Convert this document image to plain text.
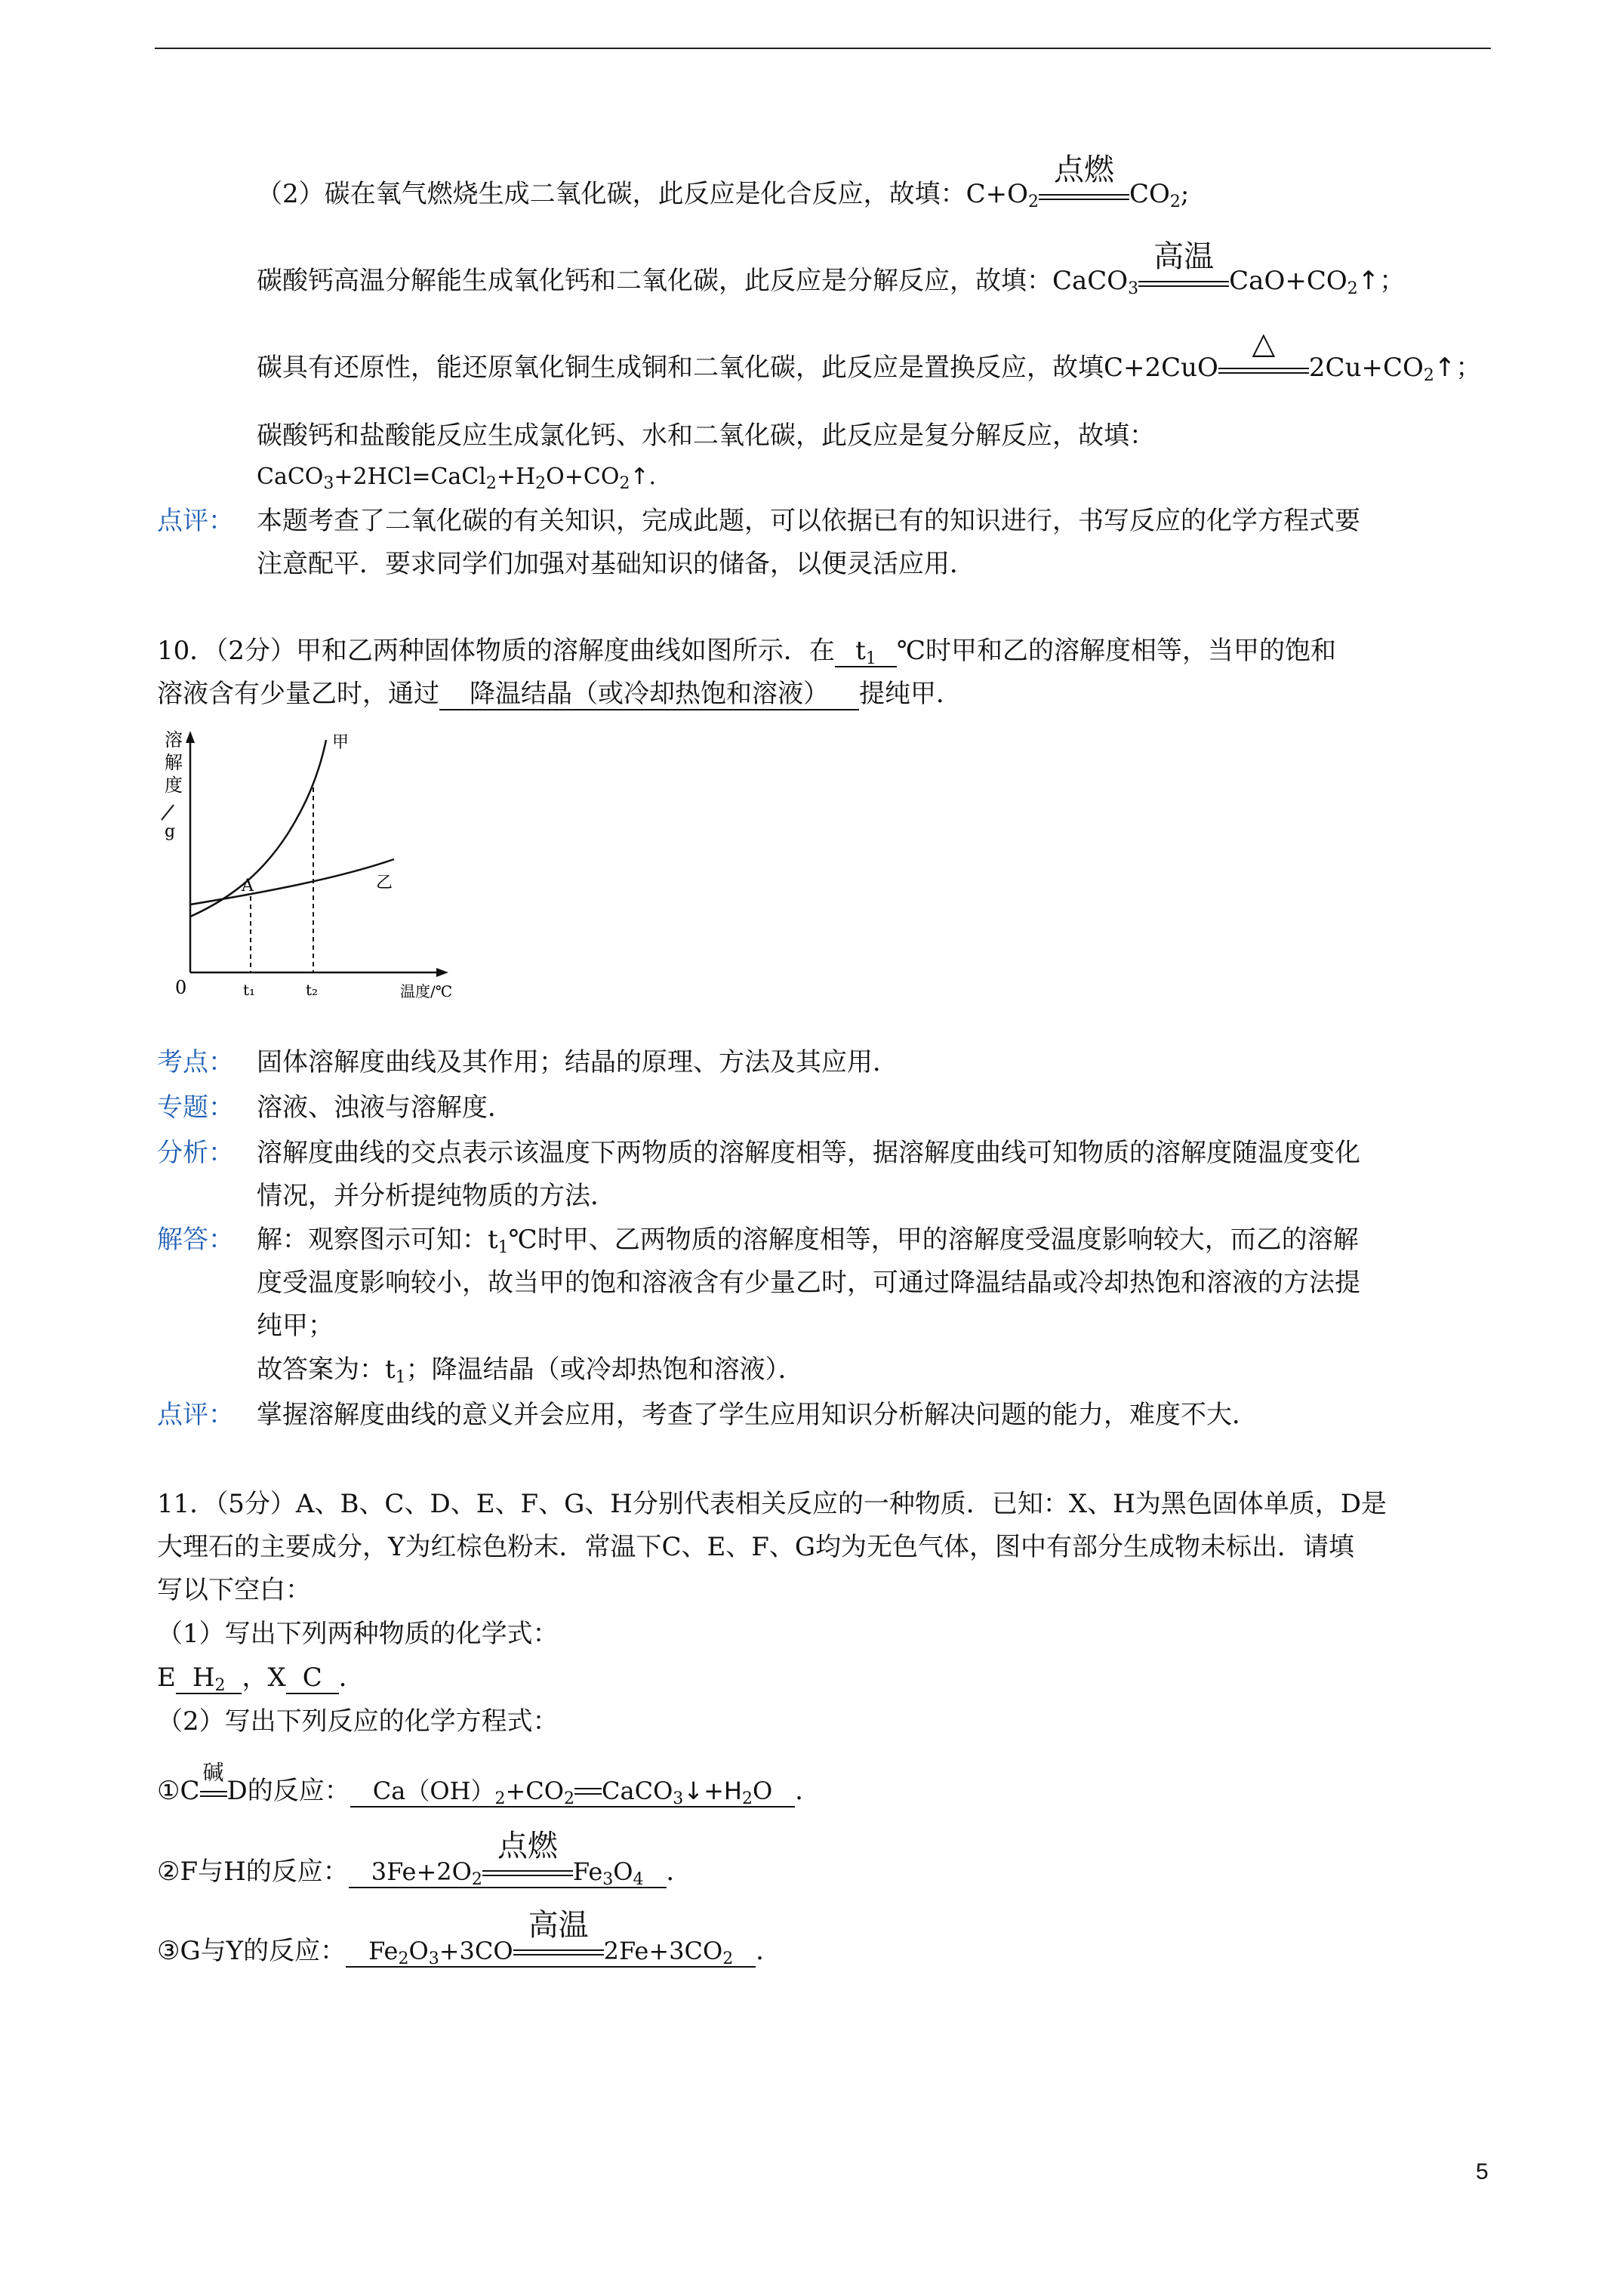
（2）碳在氧气燃烧生成二氧化碳，此反应是化合反应，故填：$C+O_2$
点燃
$CO_2$;
碳酸钙高温分解能生成氧化钙和二氧化碳，此反应是分解反应，故填：CaCO$_3$
高温
$CaO+CO_2↑$；
碳具有还原性，能还原氧化铜生成铜和二氧化碳，此反应是置换反应，故填C+2CuO
△
$2Cu+CO_2↑$；
碳酸钙和盐酸能反应生成氯化钙、水和二氧化碳，此反应是复分解反应，故填：
$CaCO_3+2HCl=CaCl_2+H_2O+CO_2↑$．
点评： 本题考查了二氧化碳的有关知识，完成此题，可以依据已有的知识进行，书写反应的化学方程式要
注意配平．要求同学们加强对基础知识的储备，以便灵活应用．
10．（2分）甲和乙两种固体物质的溶解度曲线如图所示．在 $t_1$ ℃时甲和乙的溶解度相等，当甲的饱和
溶液含有少量乙时，通过 降温结晶（或冷却热饱和溶液） 提纯甲．
溶
解
度
g
甲
乙
A
0	t₁	t₂	温度/℃
考点： 固体溶解度曲线及其作用；结晶的原理、方法及其应用．
专题： 溶液、浊液与溶解度．
分析： 溶解度曲线的交点表示该温度下两物质的溶解度相等，据溶解度曲线可知物质的溶解度随温度变化
情况，并分析提纯物质的方法．
解答： 解：观察图示可知：$t_1℃$时甲、乙两物质的溶解度相等，甲的溶解度受温度影响较大，而乙的溶解
度受温度影响较小，故当甲的饱和溶液含有少量乙时，可通过降温结晶或冷却热饱和溶液的方法提
纯甲；
故答案为：$t_1$；降温结晶（或冷却热饱和溶液）．
点评： 掌握溶解度曲线的意义并会应用，考查了学生应用知识分析解决问题的能力，难度不大．
11．（5分）A、B、C、D、E、F、G、H分别代表相关反应的一种物质．已知：X、H为黑色固体单质，D是
大理石的主要成分，Y为红棕色粉末．常温下C、E、F、G均为无色气体，图中有部分生成物未标出．请填
写以下空白：
（1）写出下列两种物质的化学式：
E $H_2$ ，X C ．
（2）写出下列反应的化学方程式：
①C
碱
D的反应： $Ca(OH)_2+CO_2$ $CaCO_3↓+H_2O$ ．
②F与H的反应： $3Fe+2O_2$
点燃
$Fe_3O_4$ ．
③G与Y的反应： $Fe_2O_3+3CO$
高温
$2Fe+3CO_2$ ．
5
